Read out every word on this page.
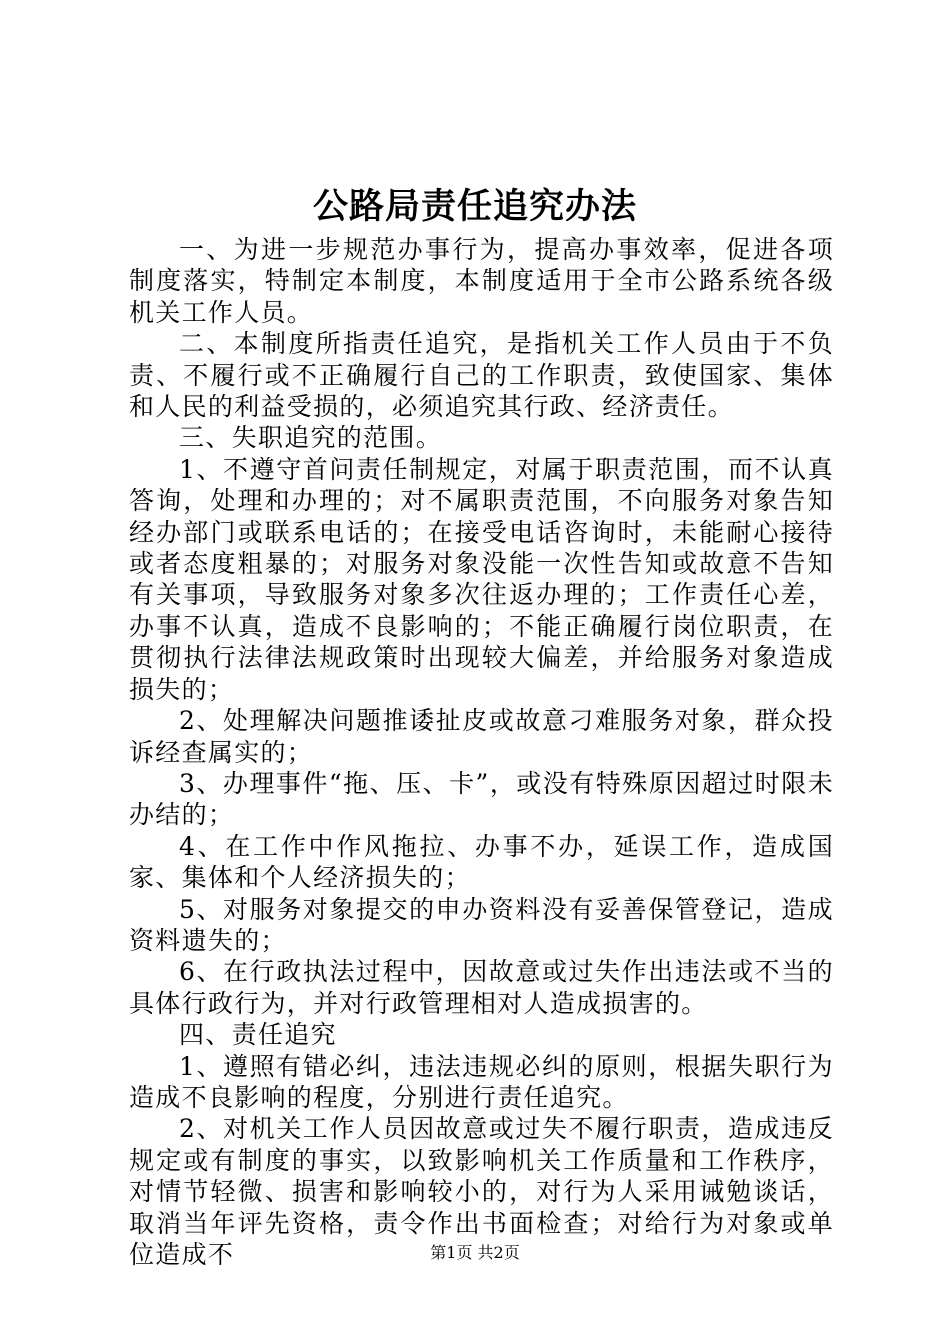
公路局责任追究办法

一、为进一步规范办事行为，提高办事效率，促进各项制度落实，特制定本制度，本制度适用于全市公路系统各级机关工作人员。

二、本制度所指责任追究，是指机关工作人员由于不负责、不履行或不正确履行自己的工作职责，致使国家、集体和人民的利益受损的，必须追究其行政、经济责任。

三、失职追究的范围。

1、不遵守首问责任制规定，对属于职责范围，而不认真答询，处理和办理的；对不属职责范围，不向服务对象告知经办部门或联系电话的；在接受电话咨询时，未能耐心接待或者态度粗暴的；对服务对象没能一次性告知或故意不告知有关事项，导致服务对象多次往返办理的；工作责任心差，办事不认真，造成不良影响的；不能正确履行岗位职责，在贯彻执行法律法规政策时出现较大偏差，并给服务对象造成损失的；

2、处理解决问题推诿扯皮或故意刁难服务对象，群众投诉经查属实的；

3、办理事件“拖、压、卡”，或没有特殊原因超过时限未办结的；

4、在工作中作风拖拉、办事不办，延误工作，造成国家、集体和个人经济损失的；

5、对服务对象提交的申办资料没有妥善保管登记，造成资料遗失的；

6、在行政执法过程中，因故意或过失作出违法或不当的具体行政行为，并对行政管理相对人造成损害的。

四、责任追究

1、遵照有错必纠，违法违规必纠的原则，根据失职行为造成不良影响的程度，分别进行责任追究。

2、对机关工作人员因故意或过失不履行职责，造成违反规定或有制度的事实，以致影响机关工作质量和工作秩序，对情节轻微、损害和影响较小的，对行为人采用诫勉谈话，取消当年评先资格，责令作出书面检查；对给行为对象或单位造成不	第1页 共2页
